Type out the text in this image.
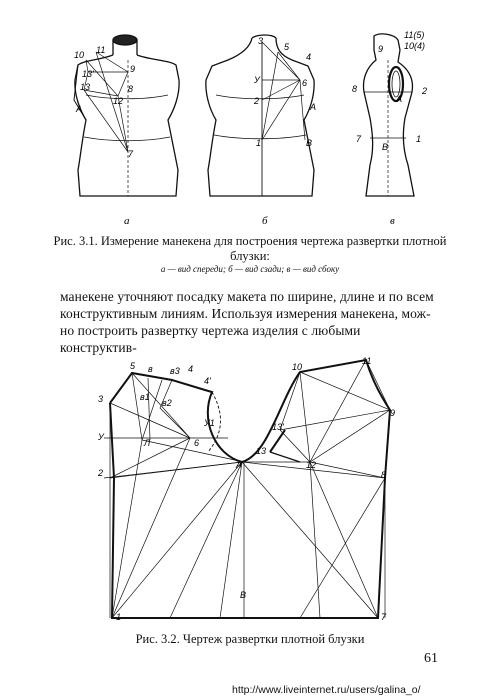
10 11
9
13'
13
12
8
А
7
3
5
4
У	6
2
А
1	В
11(5)
10(4)
9
8
А
2
7
В
1
а	б	в
Рис. 3.1. Измерение манекена для построения чертежа развертки плотной
блузки:
а — вид спереди; б — вид сзади; в — вид сбоку
манекене уточняют посадку макета по ширине, длине и по всем
конструктивным линиям. Используя измерения манекена, мож-
но построить развертку чертежа изделия с любыми конструктив-
5 в в3 4
4'
3	в1
в2
У
У1
Л	6
2
А
10
11
9
13'
13
12
8
1
В
7
Рис. 3.2. Чертеж развертки плотной блузки
61
http://www.liveinternet.ru/users/galina_o/
